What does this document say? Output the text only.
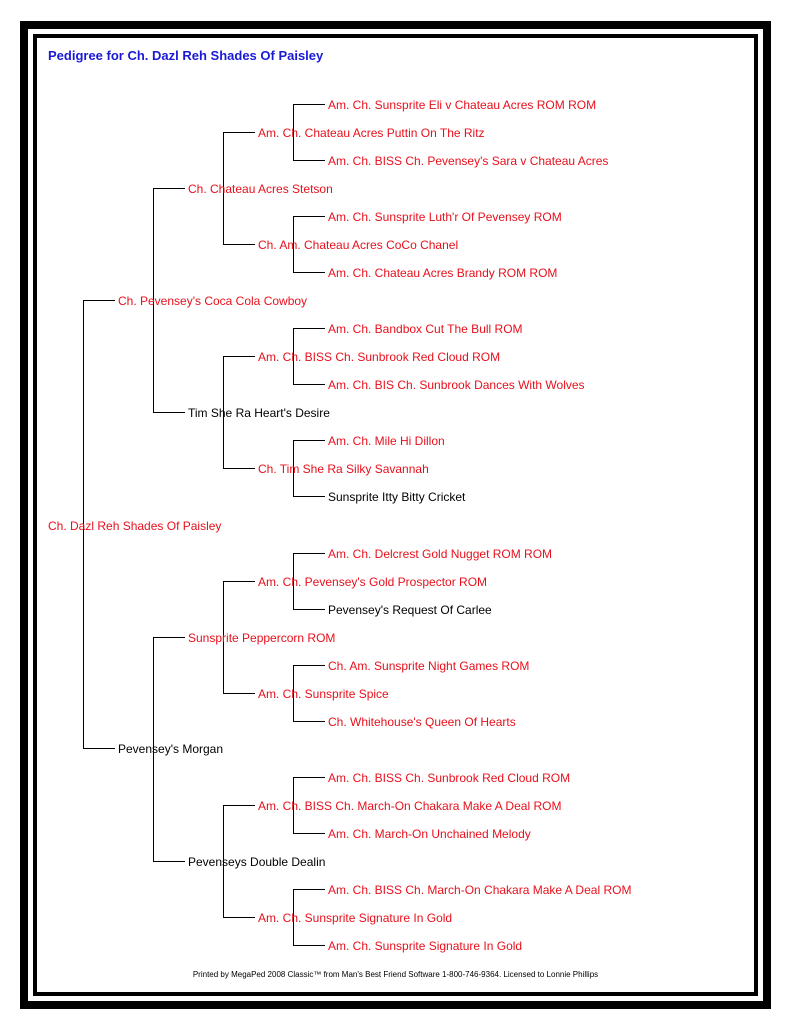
Pedigree for Ch. Dazl Reh Shades Of Paisley
Ch. Dazl Reh Shades Of Paisley
Ch. Pevensey's Coca Cola Cowboy
Pevensey's Morgan
Ch. Chateau Acres Stetson
Tim She Ra Heart's Desire
Sunsprite Peppercorn ROM
Pevenseys Double Dealin
Am. Ch. Chateau Acres Puttin On The Ritz
Ch. Am. Chateau Acres CoCo Chanel
Am. Ch. BISS Ch. Sunbrook Red Cloud ROM
Ch. Tim She Ra Silky Savannah
Am. Ch. Pevensey's Gold Prospector ROM
Am. Ch. Sunsprite Spice
Am. Ch. BISS Ch. March-On Chakara Make A Deal ROM
Am. Ch. Sunsprite Signature In Gold
Am. Ch. Sunsprite Eli v Chateau Acres ROM ROM
Am. Ch. BISS Ch. Pevensey's Sara v Chateau Acres
Am. Ch. Sunsprite Luth'r Of Pevensey ROM
Am. Ch. Chateau Acres Brandy ROM ROM
Am. Ch. Bandbox Cut The Bull ROM
Am. Ch. BIS Ch. Sunbrook Dances With Wolves
Am. Ch. Mile Hi Dillon
Sunsprite Itty Bitty Cricket
Am. Ch. Delcrest Gold Nugget ROM ROM
Pevensey's Request Of Carlee
Ch. Am. Sunsprite Night Games ROM
Ch. Whitehouse's Queen Of Hearts
Am. Ch. BISS Ch. Sunbrook Red Cloud ROM
Am. Ch. March-On Unchained Melody
Am. Ch. BISS Ch. March-On Chakara Make A Deal ROM
Am. Ch. Sunsprite Signature In Gold
Printed by MegaPed 2008 Classic™ from Man's Best Friend Software 1-800-746-9364. Licensed to Lonnie Phillips
